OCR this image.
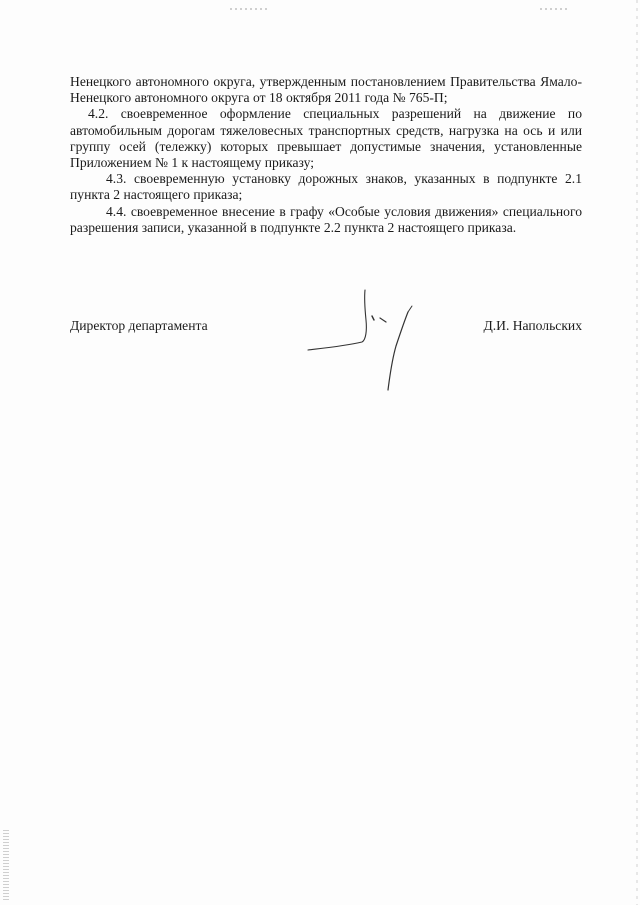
Ненецкого автономного округа, утвержденным постановлением Правительства Ямало-Ненецкого автономного округа от 18 октября 2011 года № 765-П;

4.2. своевременное оформление специальных разрешений на движение по автомобильным дорогам тяжеловесных транспортных средств, нагрузка на ось и или группу осей (тележку) которых превышает допустимые значения, установленные Приложением № 1 к настоящему приказу;

4.3. своевременную установку дорожных знаков, указанных в подпункте 2.1 пункта 2 настоящего приказа;

4.4. своевременное внесение в графу «Особые условия движения» специального разрешения записи, указанной в подпункте 2.2 пункта 2 настоящего приказа.

Директор департамента	Д.И. Напольских
